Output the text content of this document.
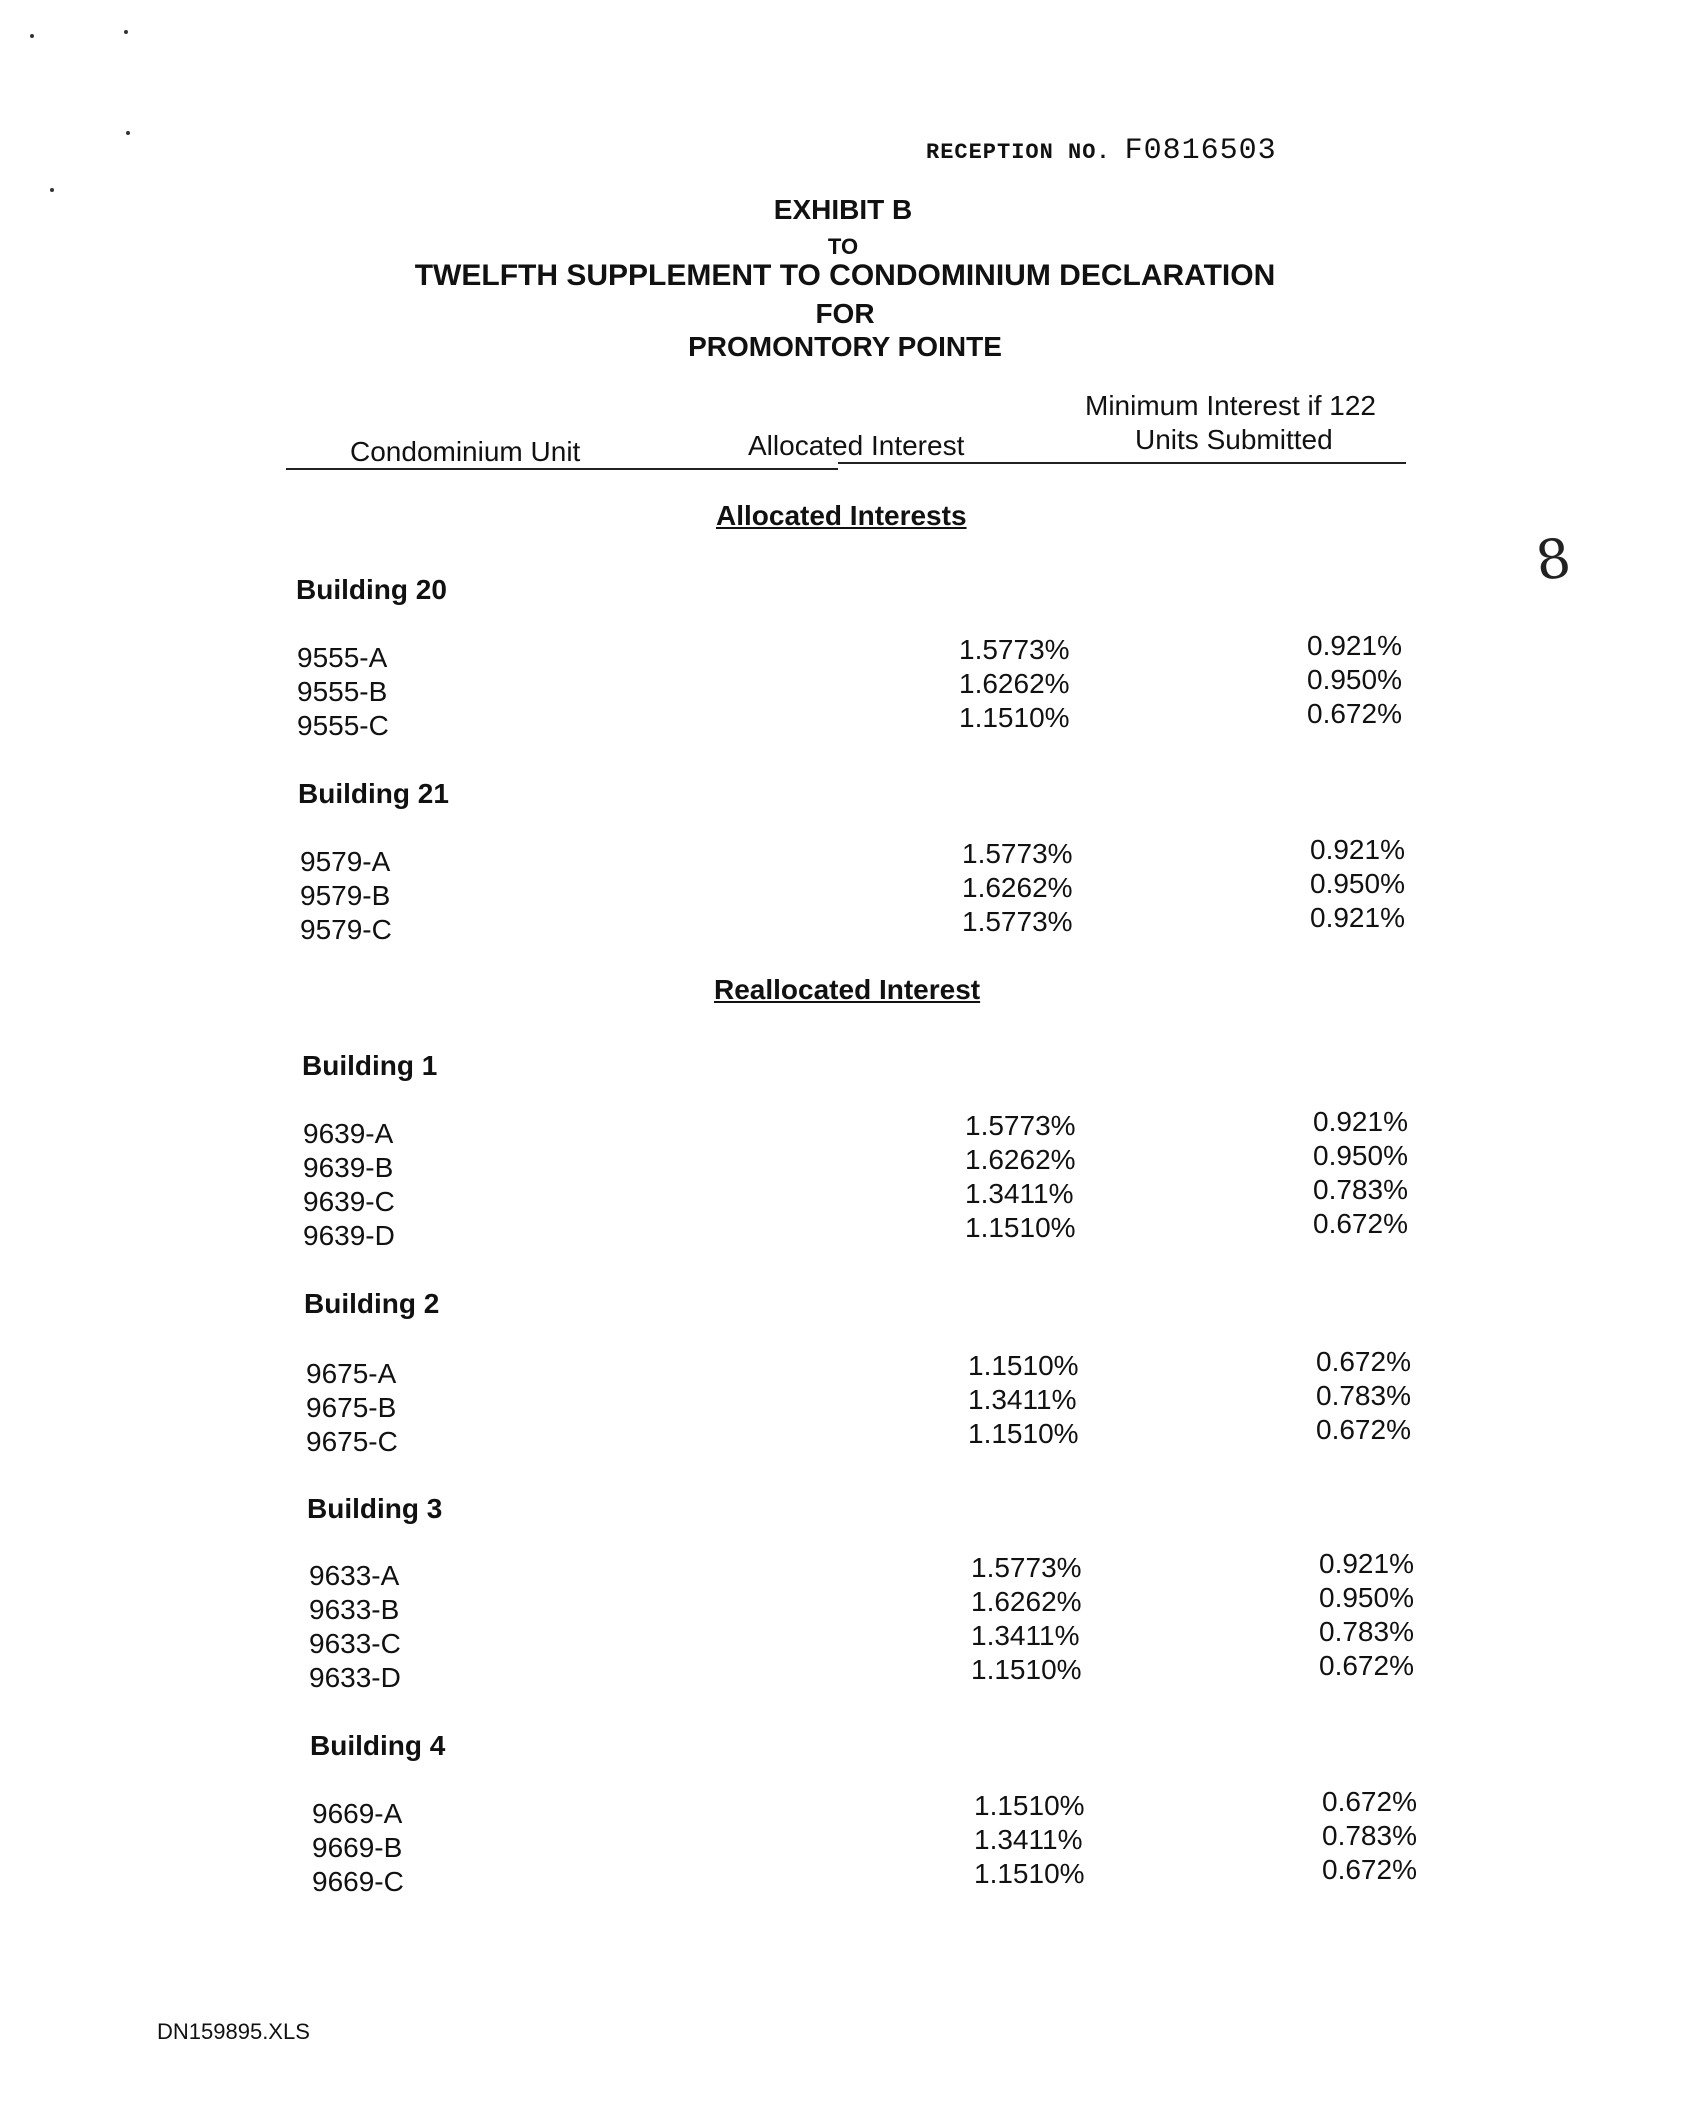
RECEPTION NO. F0816503
EXHIBIT B
TO
TWELFTH SUPPLEMENT TO CONDOMINIUM DECLARATION
FOR
PROMONTORY POINTE
Condominium Unit	Allocated Interest
Minimum Interest if 122
Units Submitted
Allocated Interests
Building 20
9555-A	1.5773%	0.921%
9555-B	1.6262%	0.950%
9555-C	1.1510%	0.672%
Building 21
9579-A	1.5773%	0.921%
9579-B	1.6262%	0.950%
9579-C	1.5773%	0.921%
Reallocated Interest
Building 1
9639-A	1.5773%	0.921%
9639-B	1.6262%	0.950%
9639-C	1.3411%	0.783%
9639-D	1.1510%	0.672%
Building 2
9675-A	1.1510%	0.672%
9675-B	1.3411%	0.783%
9675-C	1.1510%	0.672%
Building 3
9633-A	1.5773%	0.921%
9633-B	1.6262%	0.950%
9633-C	1.3411%	0.783%
9633-D	1.1510%	0.672%
Building 4
9669-A	1.1510%	0.672%
9669-B	1.3411%	0.783%
9669-C	1.1510%	0.672%
8
DN159895.XLS
